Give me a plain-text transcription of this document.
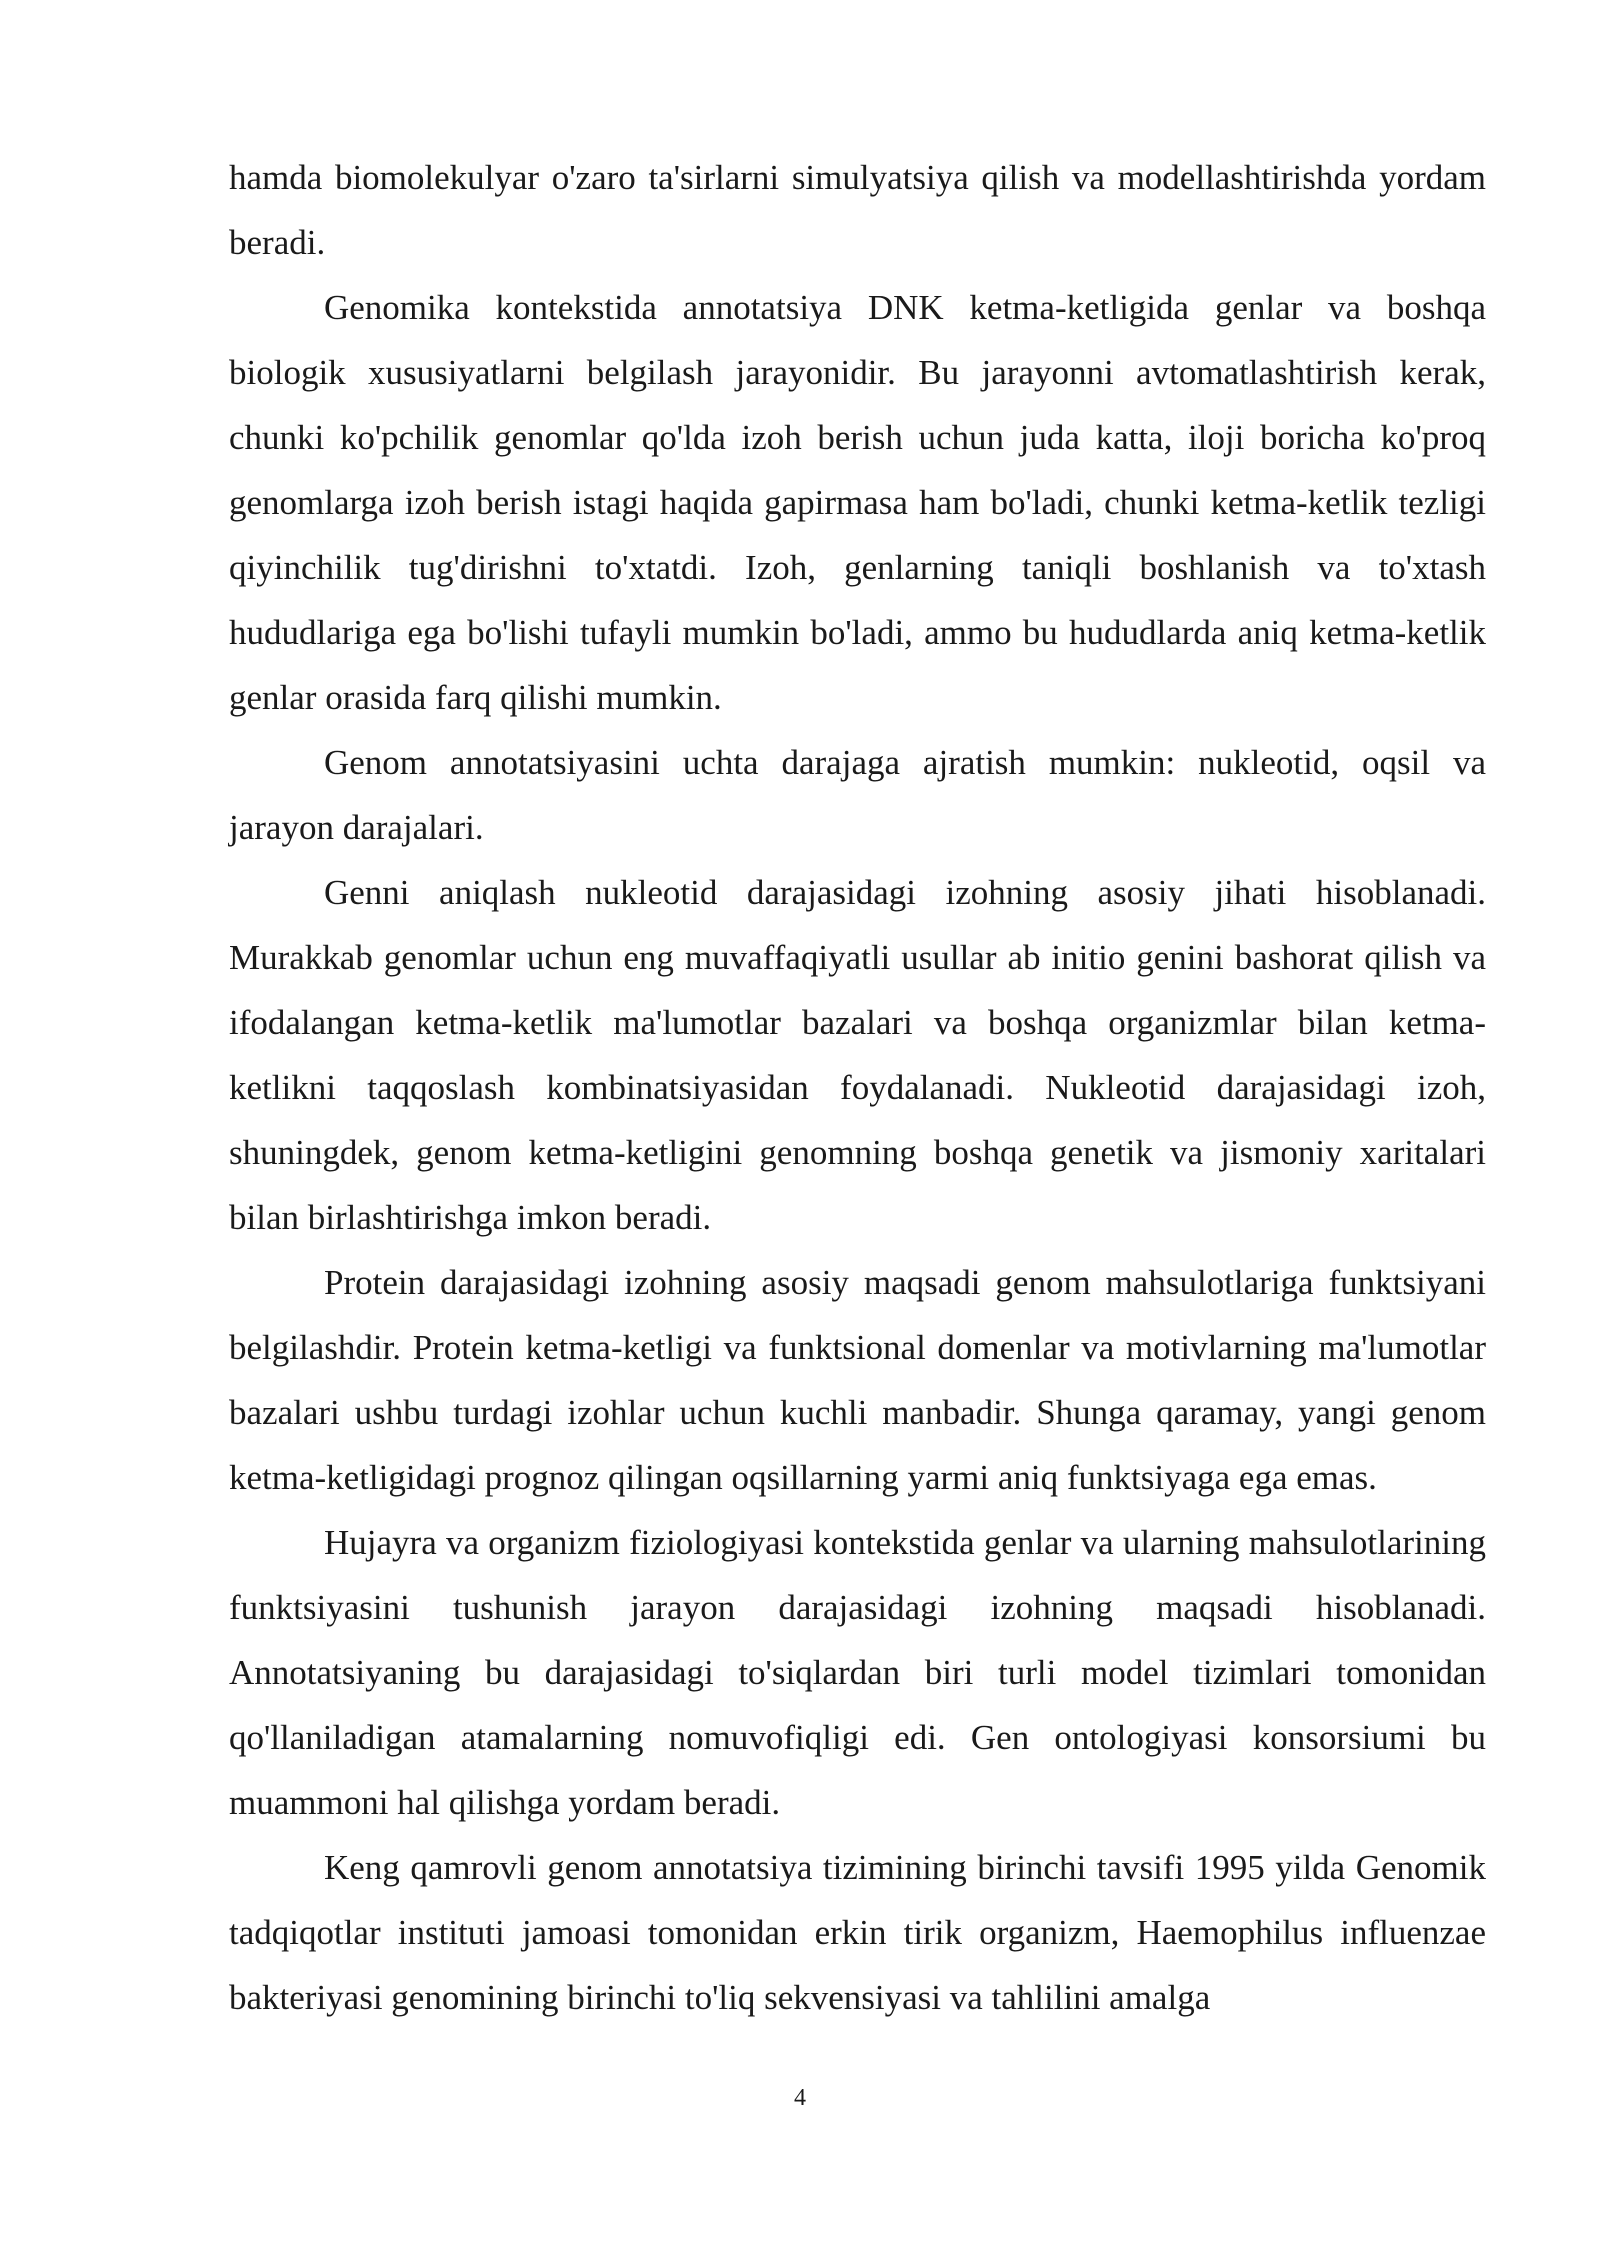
hamda biomolekulyar o'zaro ta'sirlarni simulyatsiya qilish va modellashtirishda yordam beradi.

Genomika kontekstida annotatsiya DNK ketma-ketligida genlar va boshqa biologik xususiyatlarni belgilash jarayonidir. Bu jarayonni avtomatlashtirish kerak, chunki ko'pchilik genomlar qo'lda izoh berish uchun juda katta, iloji boricha ko'proq genomlarga izoh berish istagi haqida gapirmasa ham bo'ladi, chunki ketma-ketlik tezligi qiyinchilik tug'dirishni to'xtatdi. Izoh, genlarning taniqli boshlanish va to'xtash hududlariga ega bo'lishi tufayli mumkin bo'ladi, ammo bu hududlarda aniq ketma-ketlik genlar orasida farq qilishi mumkin.

Genom annotatsiyasini uchta darajaga ajratish mumkin: nukleotid, oqsil va jarayon darajalari.

Genni aniqlash nukleotid darajasidagi izohning asosiy jihati hisoblanadi. Murakkab genomlar uchun eng muvaffaqiyatli usullar ab initio genini bashorat qilish va ifodalangan ketma-ketlik ma'lumotlar bazalari va boshqa organizmlar bilan ketma-ketlikni taqqoslash kombinatsiyasidan foydalanadi. Nukleotid darajasidagi izoh, shuningdek, genom ketma-ketligini genomning boshqa genetik va jismoniy xaritalari bilan birlashtirishga imkon beradi.

Protein darajasidagi izohning asosiy maqsadi genom mahsulotlariga funktsiyani belgilashdir. Protein ketma-ketligi va funktsional domenlar va motivlarning ma'lumotlar bazalari ushbu turdagi izohlar uchun kuchli manbadir. Shunga qaramay, yangi genom ketma-ketligidagi prognoz qilingan oqsillarning yarmi aniq funktsiyaga ega emas.

Hujayra va organizm fiziologiyasi kontekstida genlar va ularning mahsulotlarining funktsiyasini tushunish jarayon darajasidagi izohning maqsadi hisoblanadi. Annotatsiyaning bu darajasidagi to'siqlardan biri turli model tizimlari tomonidan qo'llaniladigan atamalarning nomuvofiqligi edi. Gen ontologiyasi konsorsiumi bu muammoni hal qilishga yordam beradi.

Keng qamrovli genom annotatsiya tizimining birinchi tavsifi 1995 yilda Genomik tadqiqotlar instituti jamoasi tomonidan erkin tirik organizm, Haemophilus influenzae bakteriyasi genomining birinchi to'liq sekvensiyasi va tahlilini amalga

4
